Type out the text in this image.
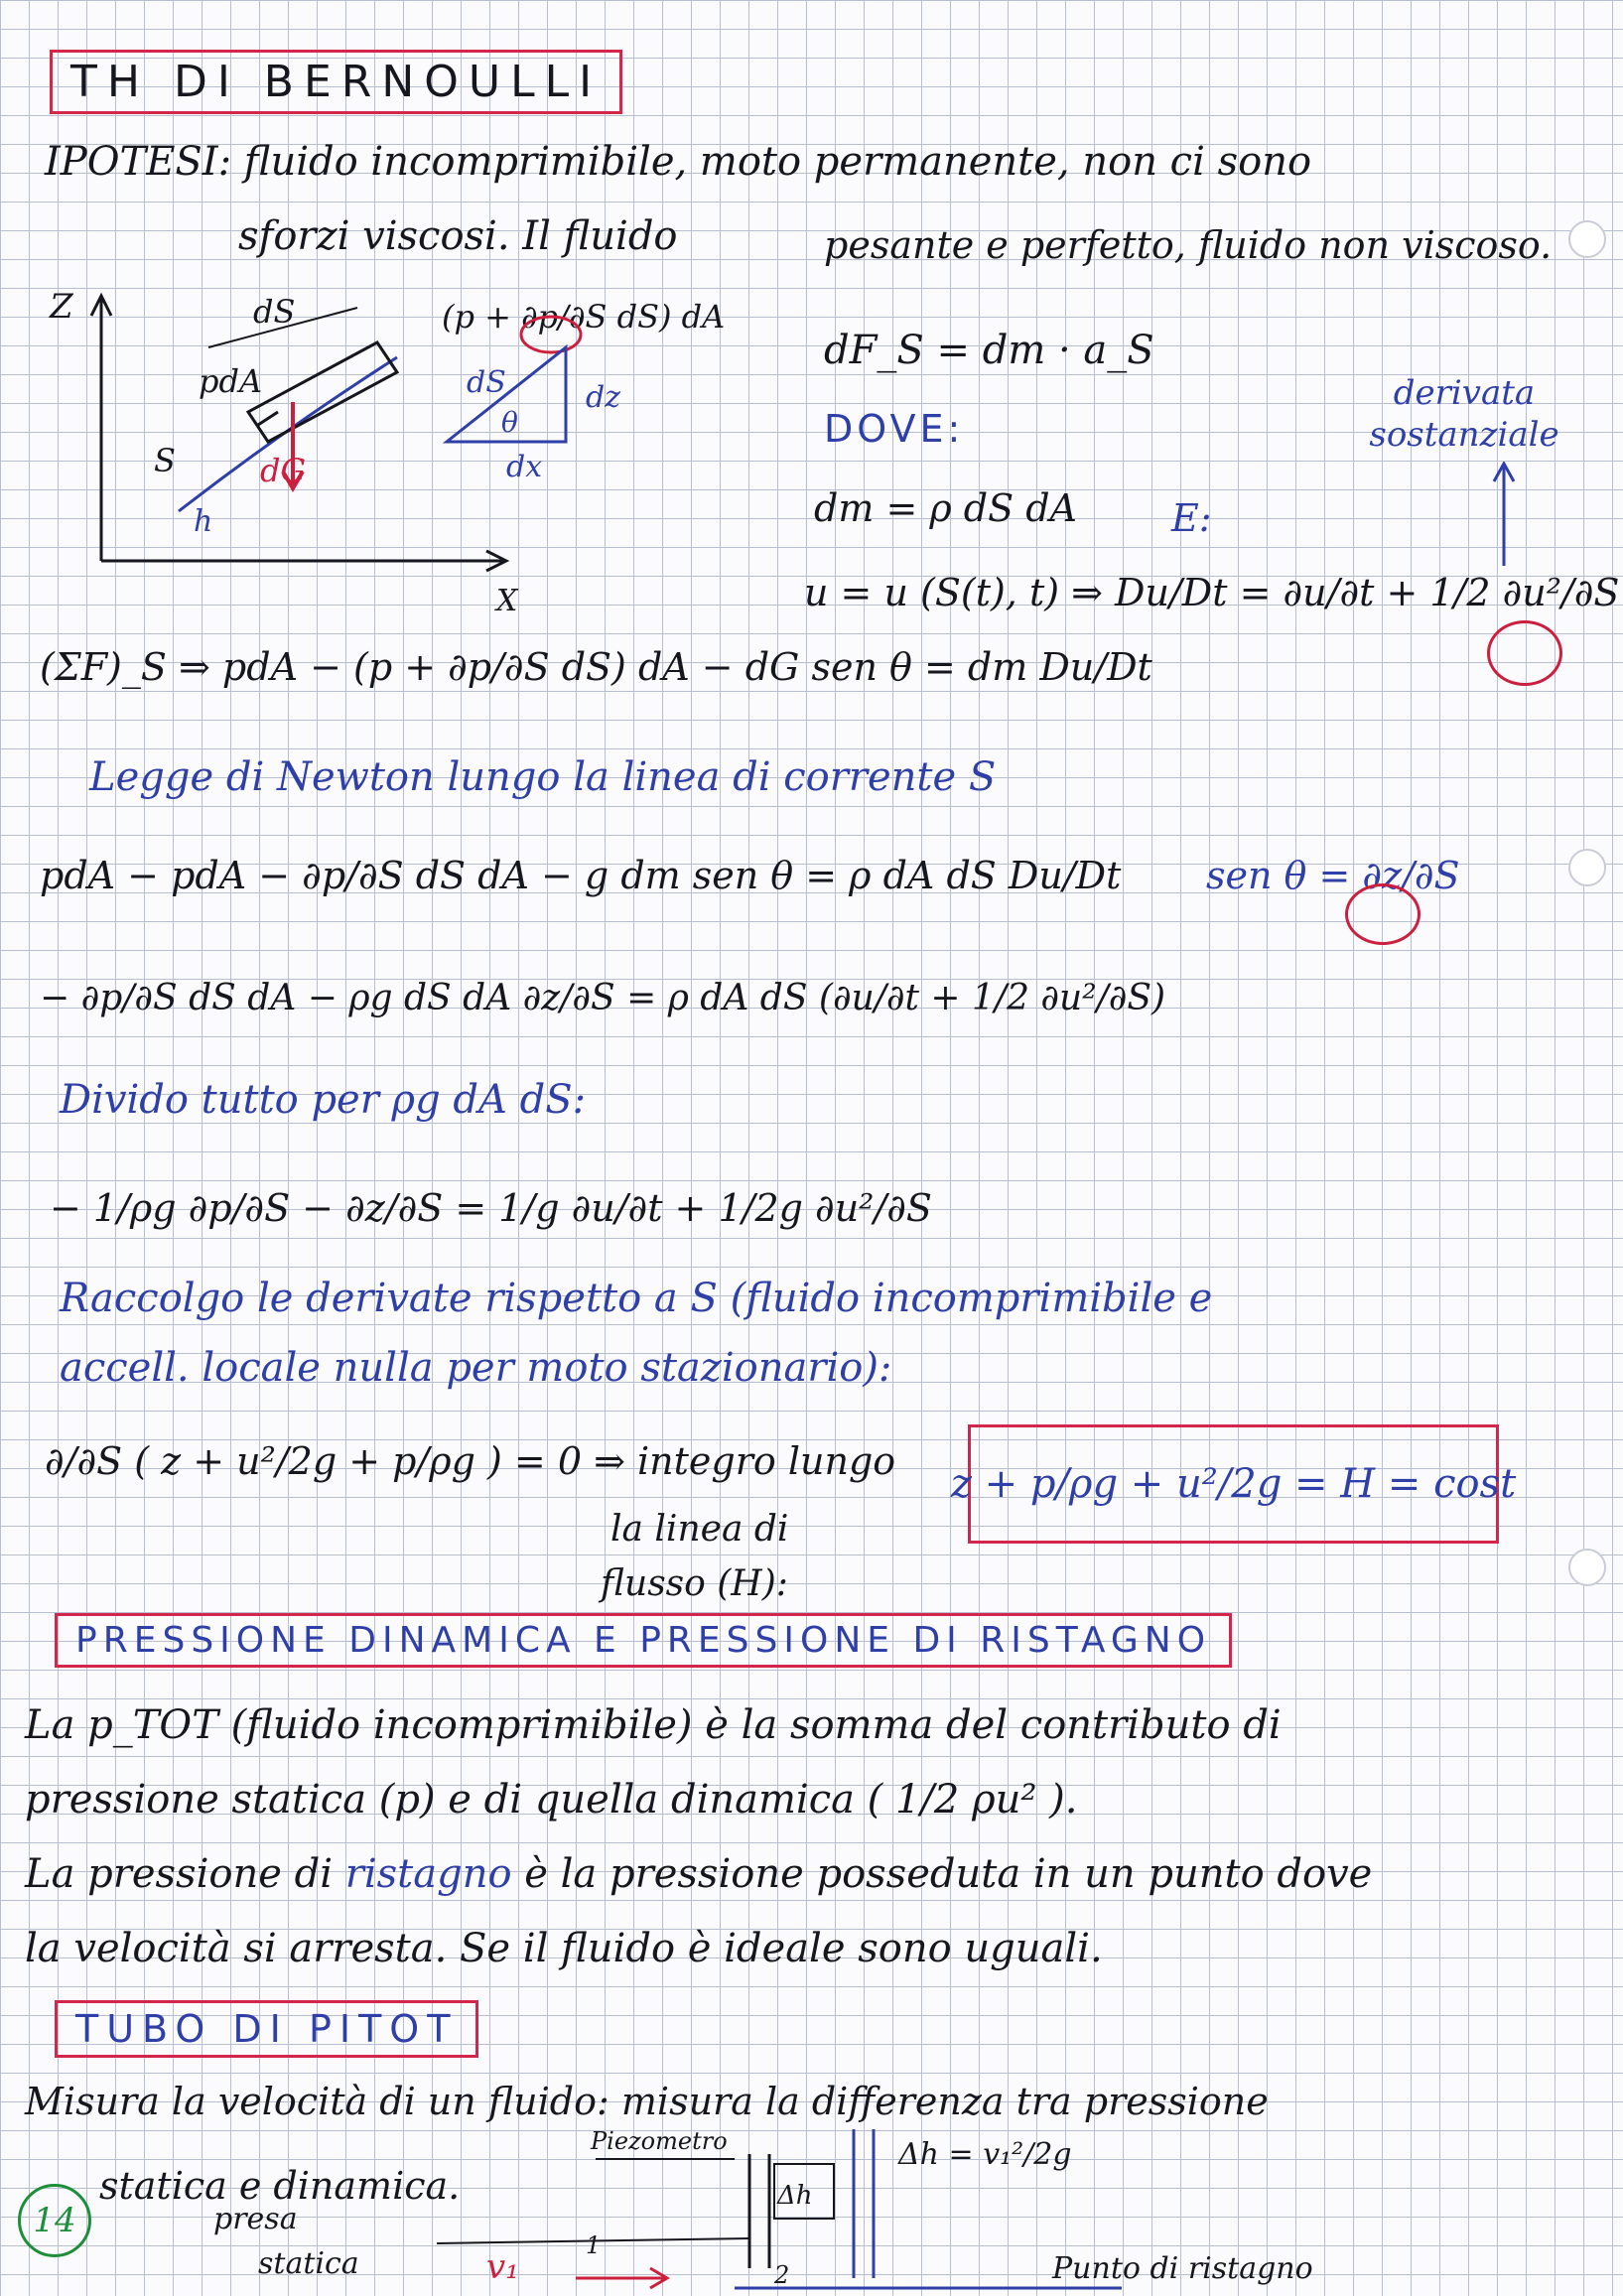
TH DI BERNOULLI
IPOTESI: fluido incomprimibile, moto permanente, non ci sono
sforzi viscosi. Il fluido	pesante e perfetto, fluido non viscoso.
Z
X
dS	(p + ∂p/∂S dS) dA
pdA
dG
S
h
dS	dz
dx
θ
dF_S = dm · a_S
DOVE:
dm = ρ dS dA	E:
u = u (S(t), t) ⇒ Du/Dt = ∂u/∂t + 1/2 ∂u²/∂S
derivata sostanziale
(ΣF)_S ⇒ pdA − (p + ∂p/∂S dS) dA − dG sen θ = dm Du/Dt
Legge di Newton lungo la linea di corrente S
pdA − pdA − ∂p/∂S dS dA − g dm sen θ = ρ dA dS Du/Dt sen θ = ∂z/∂S
− ∂p/∂S dS dA − ρg dS dA ∂z/∂S = ρ dA dS (∂u/∂t + 1/2 ∂u²/∂S)
Divido tutto per ρg dA dS:
− 1/ρg ∂p/∂S − ∂z/∂S = 1/g ∂u/∂t + 1/2g ∂u²/∂S
Raccolgo le derivate rispetto a S (fluido incomprimibile e
accell. locale nulla per moto stazionario):
∂/∂S ( z + u²/2g + p/ρg ) = 0 ⇒ integro lungo
la linea di
flusso (H):
z + p/ρg + u²/2g = H = cost
PRESSIONE DINAMICA E PRESSIONE DI RISTAGNO
La p_TOT (fluido incomprimibile) è la somma del contributo di
pressione statica (p) e di quella dinamica ( 1/2 ρu² ).
La pressione di ristagno è la pressione posseduta in un punto dove
la velocità si arresta. Se il fluido è ideale sono uguali.
TUBO DI PITOT
Misura la velocità di un fluido: misura la differenza tra pressione
statica e dinamica.
Piezometro
Δh
Δh = v₁²/2g
presa
statica	v₁
1
2	Punto di ristagno
14
